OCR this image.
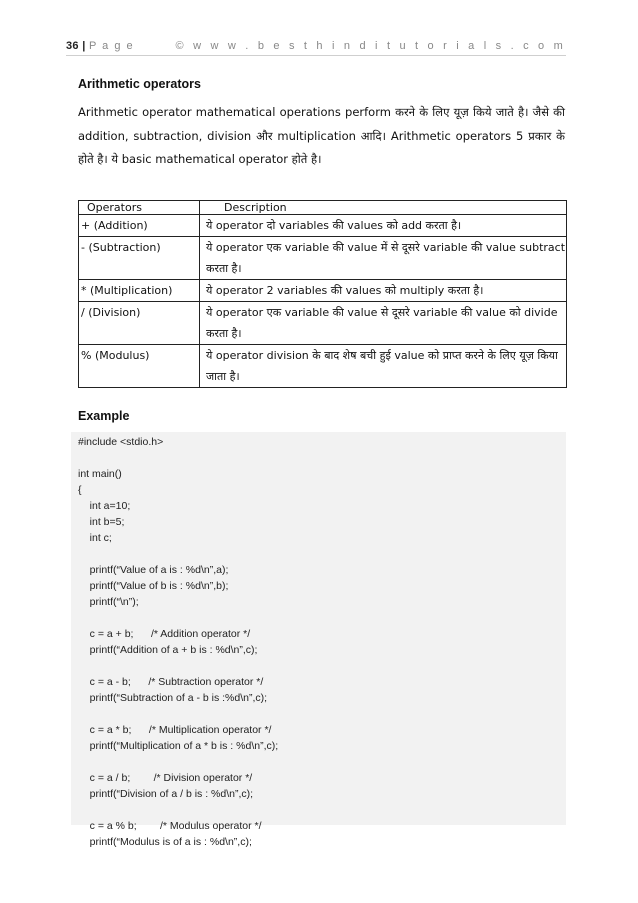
36 | P a g e	© w w w . b e s t h i n d i t u t o r i a l s . c o m
Arithmetic operators

Arithmetic operator mathematical operations perform करने के लिए यूज़ किये जाते है। जैसे की addition, subtraction, division और multiplication आदि। Arithmetic operators 5 प्रकार के होते है। ये basic mathematical operator होते है।

Operators	Description
+ (Addition)	ये operator दो variables की values को add करता है।
- (Subtraction)	ये operator एक variable की value में से दूसरे variable की value subtract करता है।
* (Multiplication)	ये operator 2 variables की values को multiply करता है।
/ (Division)	ये operator एक variable की value से दूसरे variable की value को divide करता है।
% (Modulus)	ये operator division के बाद शेष बची हुई value को प्राप्त करने के लिए यूज़ किया जाता है।
Example
#include <stdio.h>

int main()
{
	int a=10;
	int b=5;
	int c;

	printf(“Value of a is : %d\n”,a);
	printf(“Value of b is : %d\n”,b);
	printf(“\n”);

	c = a + b;      /* Addition operator */
	printf(“Addition of a + b is : %d\n”,c);

	c = a - b;      /* Subtraction operator */
	printf(“Subtraction of a - b is :%d\n”,c);

	c = a * b;      /* Multiplication operator */
	printf(“Multiplication of a * b is : %d\n”,c);

	c = a / b;        /* Division operator */
	printf(“Division of a / b is : %d\n”,c);

	c = a % b;        /* Modulus operator */
	printf(“Modulus is of a is : %d\n”,c);
